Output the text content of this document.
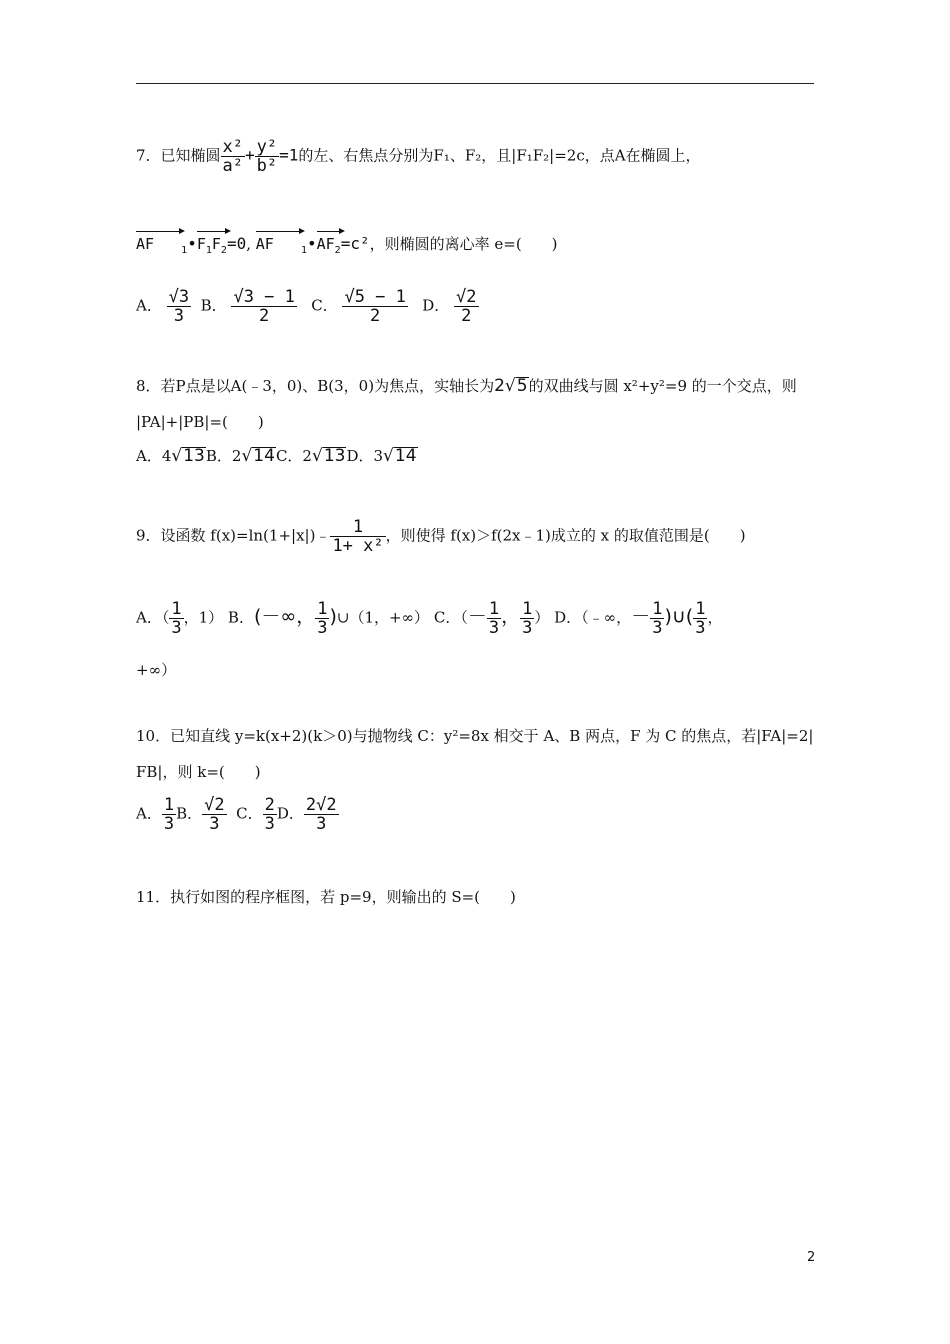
7．已知椭圆 $\frac{\text{x²}}{\text{a²}} + \frac{\text{y²}}{\text{b²}} =1$的左、右焦点分别为F₁、F₂，且|F₁F₂|=2c，点A在椭圆上，
AF	$_1•F_1F_2=0$, AF	$_1•AF_2=c^2$，则椭圆的离心率 e=(　　)
A． $\frac{√3}{3}$ B． $\frac{√3 - 1}{2}$ C． $\frac{√5 - 1}{2}$ D． $\frac{√2}{2}$
8．若P点是以A(﹣3，0)、B(3，0)为焦点，实轴长为2√5的双曲线与圆 x²+y²=9 的一个交点，则
|PA|+|PB|=(　　)
A．4√13B．2√14C．2√13D．3√14
9．设函数 f(x)=ln(1+|x|)﹣ $\frac{1}{\text{1+ x²}}$ ，则使得 f(x)＞f(2x﹣1)成立的 x 的取值范围是(　　)
A．（ $\frac{1}{3}$ ，1） B．(－∞， $\frac{1}{3}$ )∪（1，+∞） C．（－ $\frac{1}{3}$ ， $\frac{1}{3}$ ） D．（﹣∞，－ $\frac{1}{3}$ )∪( $\frac{1}{3}$ ，
+∞）
10．已知直线 y=k(x+2)(k＞0)与抛物线 C：y²=8x 相交于 A、B 两点，F 为 C 的焦点，若|FA|=2|
FB|，则 k=(　　)
A． $\frac{1}{3}$ B． $\frac{√2}{3}$ C． $\frac{2}{3}$ D． $\frac{2√2}{3}$
11．执行如图的程序框图，若 p=9，则输出的 S=(　　)
2
